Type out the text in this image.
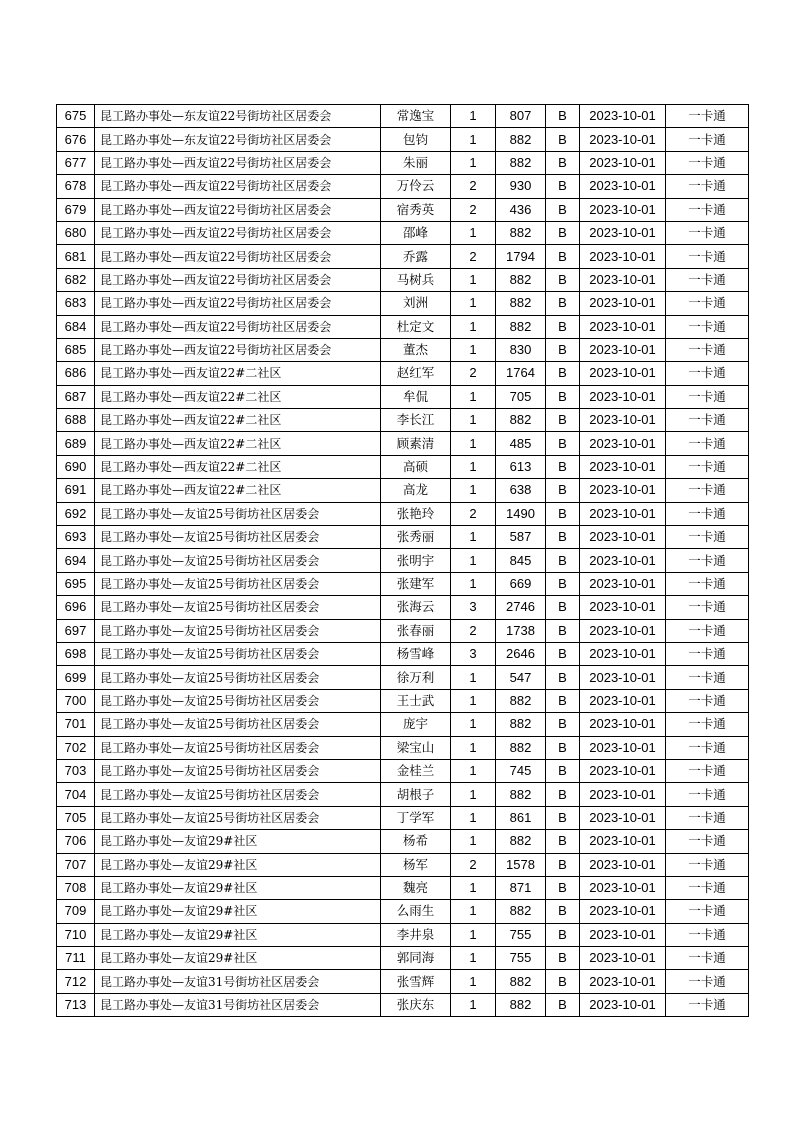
675	昆工路办事处—东友谊22号街坊社区居委会	常逸宝	1	807	B	2023-10-01	一卡通
676	昆工路办事处—东友谊22号街坊社区居委会	包钧	1	882	B	2023-10-01	一卡通
677	昆工路办事处—西友谊22号街坊社区居委会	朱丽	1	882	B	2023-10-01	一卡通
678	昆工路办事处—西友谊22号街坊社区居委会	万伶云	2	930	B	2023-10-01	一卡通
679	昆工路办事处—西友谊22号街坊社区居委会	宿秀英	2	436	B	2023-10-01	一卡通
680	昆工路办事处—西友谊22号街坊社区居委会	邵峰	1	882	B	2023-10-01	一卡通
681	昆工路办事处—西友谊22号街坊社区居委会	乔露	2	1794	B	2023-10-01	一卡通
682	昆工路办事处—西友谊22号街坊社区居委会	马树兵	1	882	B	2023-10-01	一卡通
683	昆工路办事处—西友谊22号街坊社区居委会	刘洲	1	882	B	2023-10-01	一卡通
684	昆工路办事处—西友谊22号街坊社区居委会	杜定文	1	882	B	2023-10-01	一卡通
685	昆工路办事处—西友谊22号街坊社区居委会	董杰	1	830	B	2023-10-01	一卡通
686	昆工路办事处—西友谊22#二社区	赵红军	2	1764	B	2023-10-01	一卡通
687	昆工路办事处—西友谊22#二社区	牟侃	1	705	B	2023-10-01	一卡通
688	昆工路办事处—西友谊22#二社区	李长江	1	882	B	2023-10-01	一卡通
689	昆工路办事处—西友谊22#二社区	顾素清	1	485	B	2023-10-01	一卡通
690	昆工路办事处—西友谊22#二社区	高硕	1	613	B	2023-10-01	一卡通
691	昆工路办事处—西友谊22#二社区	高龙	1	638	B	2023-10-01	一卡通
692	昆工路办事处—友谊25号街坊社区居委会	张艳玲	2	1490	B	2023-10-01	一卡通
693	昆工路办事处—友谊25号街坊社区居委会	张秀丽	1	587	B	2023-10-01	一卡通
694	昆工路办事处—友谊25号街坊社区居委会	张明宇	1	845	B	2023-10-01	一卡通
695	昆工路办事处—友谊25号街坊社区居委会	张建军	1	669	B	2023-10-01	一卡通
696	昆工路办事处—友谊25号街坊社区居委会	张海云	3	2746	B	2023-10-01	一卡通
697	昆工路办事处—友谊25号街坊社区居委会	张春丽	2	1738	B	2023-10-01	一卡通
698	昆工路办事处—友谊25号街坊社区居委会	杨雪峰	3	2646	B	2023-10-01	一卡通
699	昆工路办事处—友谊25号街坊社区居委会	徐万利	1	547	B	2023-10-01	一卡通
700	昆工路办事处—友谊25号街坊社区居委会	王士武	1	882	B	2023-10-01	一卡通
701	昆工路办事处—友谊25号街坊社区居委会	庞宇	1	882	B	2023-10-01	一卡通
702	昆工路办事处—友谊25号街坊社区居委会	梁宝山	1	882	B	2023-10-01	一卡通
703	昆工路办事处—友谊25号街坊社区居委会	金桂兰	1	745	B	2023-10-01	一卡通
704	昆工路办事处—友谊25号街坊社区居委会	胡根子	1	882	B	2023-10-01	一卡通
705	昆工路办事处—友谊25号街坊社区居委会	丁学军	1	861	B	2023-10-01	一卡通
706	昆工路办事处—友谊29#社区	杨希	1	882	B	2023-10-01	一卡通
707	昆工路办事处—友谊29#社区	杨军	2	1578	B	2023-10-01	一卡通
708	昆工路办事处—友谊29#社区	魏亮	1	871	B	2023-10-01	一卡通
709	昆工路办事处—友谊29#社区	么雨生	1	882	B	2023-10-01	一卡通
710	昆工路办事处—友谊29#社区	李井泉	1	755	B	2023-10-01	一卡通
711	昆工路办事处—友谊29#社区	郭同海	1	755	B	2023-10-01	一卡通
712	昆工路办事处—友谊31号街坊社区居委会	张雪辉	1	882	B	2023-10-01	一卡通
713	昆工路办事处—友谊31号街坊社区居委会	张庆东	1	882	B	2023-10-01	一卡通
